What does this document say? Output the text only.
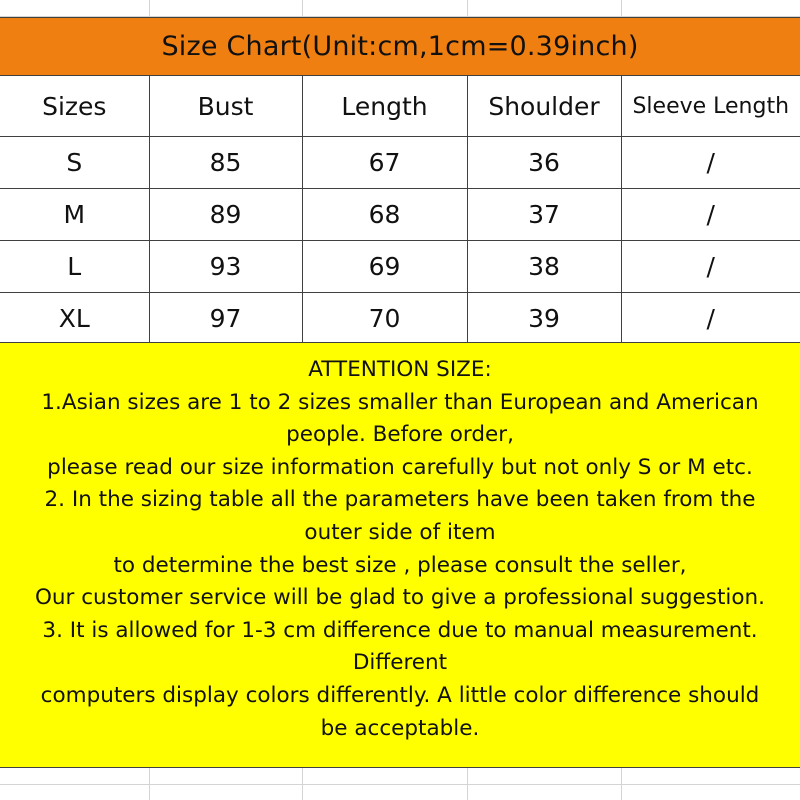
Size Chart(Unit:cm,1cm=0.39inch)
Sizes	Bust	Length	Shoulder	Sleeve Length
S	85	67	36	/
M	89	68	37	/
L	93	69	38	/
XL	97	70	39	/
ATTENTION SIZE:
1.Asian sizes are 1 to 2 sizes smaller than European and American
people. Before order,
please read our size information carefully but not only S or M etc.
2. In the sizing table all the parameters have been taken from the
outer side of item
to determine the best size , please consult the seller,
Our customer service will be glad to give a professional suggestion.
3. It is allowed for 1-3 cm difference due to manual measurement.
Different
computers display colors differently. A little color difference should
be acceptable.
